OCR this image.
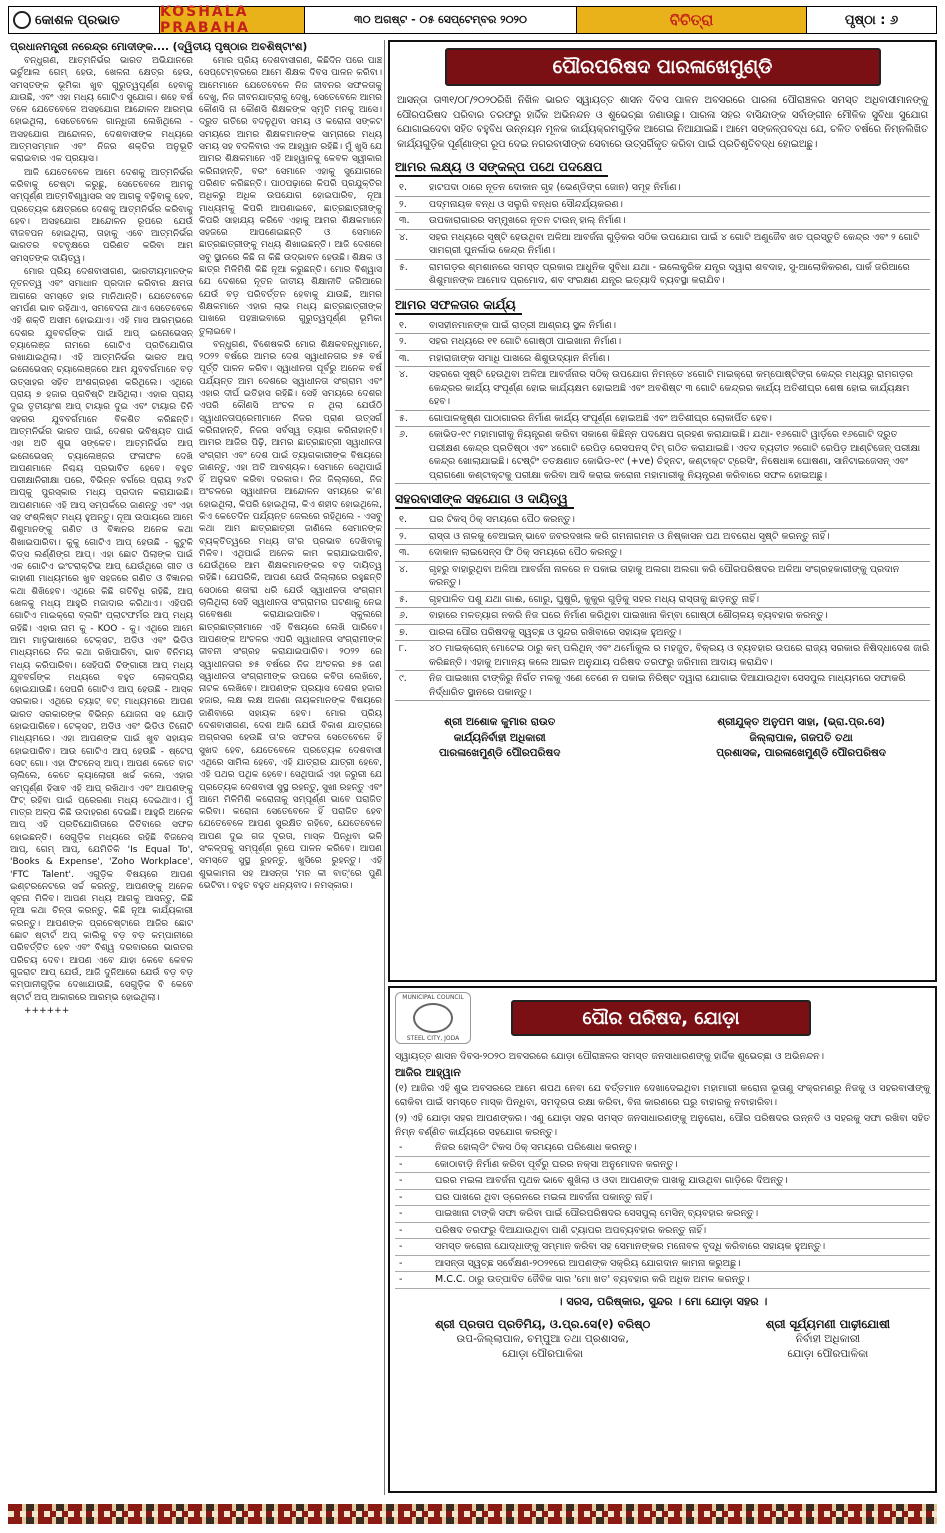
କୋଶଳ ପ୍ରଭାତ	KOSHALA PRABAHA
୩୦ ଅଗଷ୍ଟ - ୦୫ ସେପ୍ଟେମ୍ବର ୨୦୨୦	ବିଚିତ୍ରା	ପୃଷ୍ଠା : ୬
ପ୍ରଧାନମନ୍ତ୍ରୀ ନରେନ୍ଦ୍ର ମୋଦୀଙ୍କ.... (ଦ୍ୱିତୀୟ ପୃଷ୍ଠାର ଅବଶିଷ୍ଟାଂଶ)

ବନ୍ଧୁଗଣ, ଆତ୍ମନିର୍ଭର ଭାରତ ଅଭିଯାନରେ ଭର୍ଚୁଆଲ ଗେମ୍ ହେଉ, ଖେଳନା କ୍ଷେତ୍ର ହେଉ, ସମସ୍ତଙ୍କ ଭୂମିକା ଖୁବ ଗୁରୁତ୍ୱପୂର୍ଣ୍ଣ ହେବାକୁ ଯାଉଛି, ଏବଂ ଏହା ମଧ୍ୟ ଗୋଟିଏ ସୁଯୋଗ। ଶହେ ବର୍ଷ ତଳେ ଯେତେବେଳେ ଅସହଯୋଗ ଆନ୍ଦୋଳନ ଆରମ୍ଭ ହୋଇଥିଲା, ସେତେବେଳେ ଗାନ୍ଧିଜୀ ଲେଖିଥିଲେ - ଅସହଯୋଗ ଆନ୍ଦୋଳନ, ଦେଶବାସୀଙ୍କ ମଧ୍ୟରେ ଆତ୍ମସମ୍ମାନ ଏବଂ ନିଜର ଶକ୍ତିର ଅନୁଭୂତି କରାଇବାର ଏକ ପ୍ରୟାସ।

ଆଜି ଯେତେବେଳେ ଆମେ ଦେଶକୁ ଆତ୍ମନିର୍ଭର କରିବାକୁ ଚେଷ୍ଟା କରୁଛୁ, ସେତେବେଳେ ଆମକୁ ସମ୍ପୂର୍ଣ୍ଣ ଆତ୍ମବିଶ୍ୱାସର ସହ ଆଗକୁ ବଢ଼ିବାକୁ ହେବ, ପ୍ରତ୍ୟେକ କ୍ଷେତ୍ରରେ ଦେଶକୁ ଆତ୍ମନିର୍ଭର କରିବାକୁ ହେବ। ଅସହଯୋଗ ଆନ୍ଦୋଳନ ରୂପରେ ଯେଉଁ ବୀଜବପନ ହୋଇଥିଲା, ତାହାକୁ ଏବେ ଆତ୍ମନିର୍ଭର ଭାରତର ବଟବୃକ୍ଷରେ ପରିଣତ କରିବା ଆମ ସମସ୍ତଙ୍କ ଦାୟିତ୍ୱ।

ମୋର ପ୍ରିୟ ଦେଶବାସୀଗଣ, ଭାରତୀୟମାନଙ୍କ ନୂତନତ୍ୱ ଏବଂ ସମାଧାନ ପ୍ରଦାନ କରିବାର କ୍ଷମତା ଆଗରେ ସମସ୍ତେ ହାର ମାନିଥାନ୍ତି। ଯେତେବେଳେ ସମର୍ପଣ ଭାବ ରହିଥାଏ, ସମବେଦନା ଥାଏ ସେତେବେଳେ ଏହି ଶକ୍ତି ଅସୀମ ହୋଇଯାଏ। ଏହି ମାସ ଆରମ୍ଭରେ ଦେଶର ଯୁବବର୍ଗଙ୍କ ପାଇଁ ଆପ୍ ଇନୋଭେସନ୍ ଚ୍ୟାଲେଞ୍ଜ ନାମରେ ଗୋଟିଏ ପ୍ରତିଯୋଗିତା ରଖାଯାଇଥିଲା। ଏହି ଆତ୍ମନିର୍ଭର ଭାରତ ଆପ୍ ଇନୋଭେସନ୍ ଚ୍ୟାଲେଞ୍ଜରେ ଆମ ଯୁବବର୍ଗମାନେ ବଡ଼ ଉତ୍ସାହର ସହିତ ଅଂଶଗ୍ରହଣ କରିଥିଲେ। ଏଥିରେ ପ୍ରାୟ ୭ ହଜାର ପ୍ରବିଷ୍ଟି ଆସିଥିଲା। ଏହାର ପ୍ରାୟ ଦୁଇ ତୃତୀୟାଂଶ ଆପ୍ ଟାୟାର ଦୁଇ ଏବଂ ଟାୟାର ତିନି ସହରର ଯୁବବର୍ଗମାନେ ବିକଶିତ କରିଛନ୍ତି। ଆତ୍ମନିର୍ଭର ଭାରତ ପାଇଁ, ଦେଶର ଭବିଷ୍ୟତ ପାଇଁ ଏହା ଅତି ଶୁଭ ସଙ୍କେତ। ଆତ୍ମନିର୍ଭର ଆପ୍ ଇନୋଭେସନ୍ ଚ୍ୟାଲେଞ୍ଜର ଫଳାଫଳ ଦେଖି ଆପଣମାନେ ନିଶ୍ଚୟ ପ୍ରଭାବିତ ହେବେ। ବହୁତ ପରୀକ୍ଷାନିରୀକ୍ଷା ପରେ, ବିଭିନ୍ନ ବର୍ଗରେ ପ୍ରାୟ ୨୪ଟି ଆପ୍‌କୁ ପୁରସ୍କାର ମଧ୍ୟ ପ୍ରଦାନ କରାଯାଇଛି। ଆପଣମାନେ ଏହି ଆପ୍ ସମ୍ପର୍କରେ ଜାଣନ୍ତୁ ଏବଂ ଏହା ସହ ସଂଶ୍ଳିଷ୍ଟ ମଧ୍ୟ ହୁଅନ୍ତୁ। ନୂଆ ଉପାୟରେ ଆମେ ଶିଶୁମାନଙ୍କୁ ଗଣିତ ଓ ବିଜ୍ଞାନର ଅନେକ କଥା ଶିଖାଇପାରିବା। କୁକୁ ଗୋଟିଏ ଆପ୍ ହେଉଛି - କୁଟୁକି କିଡ୍ସ ଲର୍ଣ୍ଣିଙ୍ଗ ଆପ୍। ଏହା ଛୋଟ ପିଲାଙ୍କ ପାଇଁ ଏକ ଗୋଟିଏ ଇଂଟରାକ୍ଟିଭ ଆପ୍ ଯେଉଁଥିରେ ଗୀତ ଓ କାହାଣୀ ମାଧ୍ୟମରେ ଖୁବ ସହଜରେ ଗଣିତ ଓ ବିଜ୍ଞାନର କଥା ଶିଖିହେବ। ଏଥିରେ କିଛି ଗତିବିଧି ରହିଛି, ଆପ୍ ଖେଳକୁ ମଧ୍ୟ ଆହୁରି ମଜାଦାର କରିଥାଏ। ଏହିପରି ଗୋଟିଏ ମାଇକ୍ରୋ ବ୍ଲଗିଂ ପ୍ଲାଟଫର୍ମର ଆପ୍ ମଧ୍ୟ ରହିଛି। ଏହାର ନାମ କୁ - KOO - କୁ। ଏଥିରେ ଆମେ ଆମ ମାତୃଭାଷାରେ ଟେକ୍ସଟ, ଅଡିଓ ଏବଂ ଭିଡିଓ ମାଧ୍ୟମରେ ନିଜ କଥା ରଖିପାରିବା, ଭାବ ବିନିମୟ ମଧ୍ୟ କରିପାରିବା। ସେହିପରି ଚିଙ୍ଗାରୀ ଆପ୍ ମଧ୍ୟ ଯୁବବର୍ଗଙ୍କ ମଧ୍ୟରେ ବହୁତ ଲୋକପ୍ରିୟ ହୋଇଯାଉଛି। ସେପରି ଗୋଟିଏ ଆପ୍ ହେଉଛି - ଆସ୍କ ସରକାର। ଏଥିରେ ଚ୍ୟାଟ୍ ବଟ୍ ମାଧ୍ୟମରେ ଆପଣ ଭାରତ ସରକାରଙ୍କ ବିଭିନ୍ନ ଯୋଜନା ସହ ଯୋଡ଼ି ହୋଇପାରିବେ। ଟେକ୍ସଟ, ଅଡିଓ ଏବଂ ଭିଡିଓ ତିନୋଟି ମାଧ୍ୟମରେ। ଏହା ଆପଣଙ୍କ ପାଇଁ ଖୁବ ସହାୟକ ହୋଇପାରିବ। ଆଉ ଗୋଟିଏ ଆପ୍ ହେଉଛି - ଷ୍ଟେପ୍ ସେଟ୍ ଗୋ। ଏହା ଫିଟନେସ୍ ଆପ୍। ଆପଣ କେତେ ବାଟ ଚାଲିଲେ, କେତେ କ୍ୟାଲୋରୀ ଖର୍ଚ୍ଚ କଲେ, ଏହାର ସମ୍ପୂର୍ଣ୍ଣ ହିସାବ ଏହି ଆପ୍ ରଖିଥାଏ ଏବଂ ଆପଣଙ୍କୁ ଫିଟ୍ ରହିବା ପାଇଁ ପ୍ରେରଣା ମଧ୍ୟ ଦେଇଥାଏ। ମୁଁ ମାତ୍ର ଅଳ୍ପ କିଛି ଉଦାହରଣ ଦେଇଛି। ଆହୁରି ଅନେକ ଆପ୍ ଏହି ପ୍ରତିଯୋଗିତାରେ ଜିତିବାରେ ସଫଳ ହୋଇଛନ୍ତି। ସେଗୁଡ଼ିକ ମଧ୍ୟରେ ରହିଛି ବିଜନେସ୍ ଆପ୍, ଗେମ୍ ଆପ୍, ଯେମିତିକି 'Is Equal To', 'Books & Expense', 'Zoho Workplace', 'FTC Talent'. ଏଗୁଡ଼ିକ ବିଷୟରେ ଆପଣ ଇଣ୍ଟରନେଟରେ ସର୍ଚ୍ଚ କରନ୍ତୁ, ଆପଣଙ୍କୁ ଅନେକ ସୂଚନା ମିଳିବ। ଆପଣ ମଧ୍ୟ ଆଗକୁ ଆସନ୍ତୁ, କିଛି ନୂଆ କଥା ଚିନ୍ତା କରନ୍ତୁ, କିଛି ନୂଆ କାର୍ଯ୍ୟକାରୀ କରନ୍ତୁ। ଆପଣଙ୍କ ପ୍ରଚେଷ୍ଟାରେ ଆଜିର ଛୋଟ ଛୋଟ ଷ୍ଟାର୍ଟ ଅପ୍ କାଲିକୁ ବଡ଼ ବଡ଼ କମ୍ପାନୀରେ ପରିବର୍ତ୍ତିତ ହେବ ଏବଂ ବିଶ୍ୱ ଦରବାରରେ ଭାରତର ପରିଚୟ ଦେବ। ଆପଣ ଏବେ ଯାହା କେବେ କେବଳ ଗୁଜରାଟ ଆପ୍ ଯେଉଁ, ଆଜି ଦୁନିଆରେ ଯେଉଁ ବଡ଼ ବଡ଼ କମ୍ପାନୀଗୁଡ଼ିକ ଦେଖାଯାଉଛି, ସେଗୁଡ଼ିକ ବି କେବେ ଷ୍ଟାର୍ଟ ଅପ୍ ଆକାରରେ ଆରମ୍ଭ ହୋଇଥିଲା।

++++++

ମୋର ପ୍ରିୟ ଦେଶବାସୀଗଣ, କିଛିଦିନ ପରେ ପାଞ୍ଚ ସେପ୍ଟେମ୍ବରରେ ଆମେ ଶିକ୍ଷକ ଦିବସ ପାଳନ କରିବା। ଆମେମାନେ ଯେତେବେଳେ ନିଜ ଜୀବନର ସଫଳତାକୁ ଦେଖୁ, ନିଜ ଜୀବନଯାତ୍ରାକୁ ଦେଖୁ, ସେତେବେଳେ ଆମର କୌଣସି ନା କୌଣସି ଶିକ୍ଷକଙ୍କ ସ୍ମୃତି ମନକୁ ଆସେ। ଦ୍ରୁତ ଗତିରେ ବଦଳୁଥିବା ସମୟ ଓ କରୋନା ସଙ୍କଟ ସମୟରେ ଆମର ଶିକ୍ଷକମାନଙ୍କ ସାମ୍ନାରେ ମଧ୍ୟ ସମୟ ସହ ବଦଳିବାର ଏକ ଆହ୍ୱାନ ରହିଛି। ମୁଁ ଖୁସି ଯେ ଆମର ଶିକ୍ଷକମାନେ ଏହି ଆହ୍ୱାନକୁ କେବଳ ସ୍ୱୀକାର କରିନାହାନ୍ତି, ବରଂ ସେମାନେ ଏହାକୁ ସୁଯୋଗରେ ପରିଣତ କରିଛନ୍ତି। ପାଠପଢ଼ାରେ କିପରି ପ୍ରଯୁକ୍ତିର ଅଧିକରୁ ଅଧିକ ଉପଯୋଗ ହୋଇପାରିବ, ନୂଆ ମାଧ୍ୟମକୁ କିପରି ଆପଣାଇବେ, ଛାତ୍ରଛାତ୍ରୀଙ୍କୁ କିପରି ସାହାଯ୍ୟ କରିବେ ଏହାକୁ ଆମର ଶିକ୍ଷକମାନେ ସହଜରେ ଆପଣେଇଛନ୍ତି ଓ ସେମାନେ ଛାତ୍ରଛାତ୍ରୀଙ୍କୁ ମଧ୍ୟ ଶିଖାଇଛନ୍ତି। ଆଜି ଦେଶରେ ସବୁ ସ୍ଥାନରେ କିଛି ନା କିଛି ଉଦ୍ଭାବନ ହେଉଛି। ଶିକ୍ଷକ ଓ ଛାତ୍ର ମିଳିମିଶି କିଛି ନୂଆ କରୁଛନ୍ତି। ମୋର ବିଶ୍ୱାସ ଯେ ଦେଶରେ ନୂତନ ଜାତୀୟ ଶିକ୍ଷାନୀତି ଜରିଆରେ ଯେଉଁ ବଡ଼ ପରିବର୍ତ୍ତନ ହେବାକୁ ଯାଉଛି, ଆମର ଶିକ୍ଷକମାନେ ଏହାର ଲାଭ ମଧ୍ୟ ଛାତ୍ରଛାତ୍ରୀଙ୍କ ପାଖରେ ପହଞ୍ଚାଇବାରେ ଗୁରୁତ୍ୱପୂର୍ଣ୍ଣ ଭୂମିକା ତୁଲାଇବେ।

ବନ୍ଧୁଗଣ, ବିଶେଷକରି ମୋର ଶିକ୍ଷକବନ୍ଧୁମାନେ, ୨୦୨୨ ବର୍ଷରେ ଆମର ଦେଶ ସ୍ୱାଧୀନତାର ୭୫ ବର୍ଷ ପୂର୍ତ୍ତି ପାଳନ କରିବ। ସ୍ୱାଧୀନତା ପୂର୍ବରୁ ଅନେକ ବର୍ଷ ପର୍ଯ୍ୟନ୍ତ ଆମ ଦେଶରେ ସ୍ୱାଧୀନତା ସଂଗ୍ରାମ ଏବଂ ଏହାର ଦୀର୍ଘ ଇତିହାସ ରହିଛି। ସେହି ସମୟରେ ଦେଶର ଏପରି କୌଣସି ଅଂଚଳ ନ ଥିଲା ଯେଉଁଠି ସ୍ୱାଧୀନତାପ୍ରେମୀମାନେ ନିଜର ପ୍ରାଣ ଉତ୍ସର୍ଗ କରିନାହାନ୍ତି, ନିଜର ସର୍ବସ୍ୱ ତ୍ୟାଗ କରିନାହାନ୍ତି। ଆମର ଆଜିର ପିଢ଼ି, ଆମର ଛାତ୍ରଛାତ୍ରୀ ସ୍ୱାଧୀନତା ସଂଗ୍ରାମ ଏବଂ ଦେଶ ପାଇଁ ତ୍ୟାଗକାରୀଙ୍କ ବିଷୟରେ ଜାଣନ୍ତୁ, ଏହା ଅତି ଆବଶ୍ୟକ। ସେମାନେ ସେଥିପାଇଁ ହିଁ ଅନୁଭବ କରିବା ଦରକାର। ନିଜ ଜିଲ୍ଲାରେ, ନିଜ ଅଂଚଳରେ ସ୍ୱାଧୀନତା ଆନ୍ଦୋଳନ ସମୟରେ କ'ଣ ହୋଇଥିଲା, କିପରି ହୋଇଥିଲା, କିଏ ଶହୀଦ ହୋଇଥିଲେ, କିଏ କେତେଦିନ ପର୍ଯ୍ୟନ୍ତ ଜେଲରେ ରହିଥିଲେ - ଏସବୁ କଥା ଆମ ଛାତ୍ରଛାତ୍ରୀ ଜାଣିଲେ ସେମାନଙ୍କ ବ୍ୟକ୍ତିତ୍ୱରେ ମଧ୍ୟ ତା'ର ପ୍ରଭାବ ଦେଖିବାକୁ ମିଳିବ। ଏଥିପାଇଁ ଅନେକ କାମ କରାଯାଇପାରିବ, ଯେଉଁଥିରେ ଆମ ଶିକ୍ଷକମାନଙ୍କର ବଡ଼ ଦାୟିତ୍ୱ ରହିଛି। ଯେପରିକି, ଆପଣ ଯେଉଁ ଜିଲ୍ଲାରେ ରହୁଛନ୍ତି ସେଠାରେ ଶତାବ୍ଦୀ ଧରି ଯେଉଁ ସ୍ୱାଧୀନତା ସଂଗ୍ରାମ ଚାଲିଥିଲା ସେହି ସ୍ୱାଧୀନତା ସଂଗ୍ରାମର ଘଟଣାକୁ ନେଇ ଗବେଷଣା କରାଯାଇପାରିବ। ସ୍କୁଲରେ ଛାତ୍ରଛାତ୍ରୀମାନେ ଏହି ବିଷୟରେ ଲେଖି ପାରିବେ। ଆପଣଙ୍କ ଅଂଚଳର ଏପରି ସ୍ୱାଧୀନତା ସଂଗ୍ରାମୀଙ୍କ ଜୀବନୀ ସଂଗ୍ରହ କରାଯାଇପାରିବ। ୨୦୨୨ ରେ ସ୍ୱାଧୀନତାର ୭୫ ବର୍ଷରେ ନିଜ ଅଂଚଳର ୭୫ ଜଣ ସ୍ୱାଧୀନତା ସଂଗ୍ରାମୀଙ୍କ ଉପରେ କବିତା ଲେଖିବେ, ନାଟକ ଲେଖିବେ। ଆପଣଙ୍କ ପ୍ରୟାସ ଦେଶର ହଜାର ହଜାର, ଲକ୍ଷ ଲକ୍ଷ ଅଜଣା ନାୟକମାନଙ୍କ ବିଷୟରେ ଜାଣିବାରେ ସହାୟକ ହେବ। ମୋର ପ୍ରିୟ ଦେଶବାସୀଗଣ, ଦେଶ ଆଜି ଯେଉଁ ବିକାଶ ଯାତ୍ରାରେ ଅଗ୍ରସର ହେଉଛି ତା'ର ସଫଳତା ସେତେବେଳେ ହିଁ ସୁଖଦ ହେବ, ଯେତେବେଳେ ପ୍ରତ୍ୟେକ ଦେଶବାସୀ ଏଥିରେ ସାମିଲ ହେବେ, ଏହି ଯାତ୍ରାର ଯାତ୍ରୀ ହେବେ, ଏହି ପଥର ପଥିକ ହେବେ। ସେଥିପାଇଁ ଏହା ଜରୁରୀ ଯେ ପ୍ରତ୍ୟେକ ଦେଶବାସୀ ସୁସ୍ଥ ରହନ୍ତୁ, ସୁଖୀ ରହନ୍ତୁ ଏବଂ ଆମେ ମିଳିମିଶି କରୋନାକୁ ସମ୍ପୂର୍ଣ୍ଣ ଭାବେ ପରାଜିତ କରିବା। କରୋନା ସେତେବେଳେ ହିଁ ପରାଜିତ ହେବ ଯେତେବେଳେ ଆପଣ ସୁରକ୍ଷିତ ରହିବେ, ଯେତେବେଳେ ଆପଣ ଦୁଇ ଗଜ ଦୂରତା, ମାସ୍କ ପିନ୍ଧିବା ଭଳି ସଂକଳ୍ପକୁ ସମ୍ପୂର୍ଣ୍ଣ ରୂପେ ପାଳନ କରିବେ। ଆପଣ ସମସ୍ତେ ସୁସ୍ଥ ରୁହନ୍ତୁ, ଖୁସିରେ ରୁହନ୍ତୁ। ଏହି ଶୁଭକାମନା ସହ ଆସନ୍ତା 'ମନ କୀ ବାତ୍'ରେ ପୁଣି ଭେଟିବା। ବହୁତ ବହୁତ ଧନ୍ୟବାଦ। ନମସ୍କାର।

ପୌରପରିଷଦ ପାରଳାଖେମୁଣ୍ଡି
ଆସନ୍ତା ତା୩୧/୦୮/୨୦୨୦ରିଖି ନିଖିଳ ଭାରତ ସ୍ୱାୟତ୍ତ ଶାସନ ଦିବସ ପାଳନ ଅବସରରେ ପାରଳା ପୌରାଞ୍ଚଳର ସମସ୍ତ ଅଧିବାସୀମାନଙ୍କୁ ପୌରପରିଷଦ ପରିବାର ତରଫରୁ ହାର୍ଦ୍ଦିକ ଅଭିନନ୍ଦନ ଓ ଶୁଭେଚ୍ଛା ଜଣାଉଛୁ। ପାରଳା ସହର ବାସିନ୍ଦାଙ୍କ ସର୍ବାଙ୍ଗୀନ ମୌଳିକ ସୁବିଧା ସୁଯୋଗ ଯୋଗାଇଦେବା ସହିତ ବହୁବିଧ ଉନ୍ନୟନ ମୂଳକ କାର୍ଯ୍ୟକ୍ରମଗୁଡ଼ିକ ଆଗେଇ ନିଆଯାଇଛି। ଆମେ ସଙ୍କଳ୍ପବଦ୍ଧ ଯେ, ଚଳିତ ବର୍ଷରେ ନିମ୍ନଲିଖିତ କାର୍ଯ୍ୟଗୁଡ଼ିକ ପୂର୍ଣ୍ଣାଙ୍ଗ ରୂପ ଦେଇ ନଗରବାସୀଙ୍କ ସେବାରେ ଉତ୍ସର୍ଗିକୃତ କରିବା ପାଇଁ ପ୍ରତିଶୃତିବଦ୍ଧ ହୋଇଅଛୁ।
ଆମର ଲକ୍ଷ୍ୟ ଓ ସଙ୍କଳ୍ପ ପଥେ ପଦକ୍ଷେପ
୧.	ହାଟପଦା ଠାରେ ନୂତନ ଦୋକାନ ଗୃହ (ଭେଣ୍ଡିଙ୍ଗ ଜୋନ) ସମୂହ ନିର୍ମାଣ।
୨.	ପଦ୍ମନାୟକ ବନ୍ଧ ଓ ସଲୁରି ବନ୍ଧର ସୌନ୍ଦର୍ଯ୍ୟକରଣ।
୩.	ଉପକାରାଗାରର ସମ୍ମୁଖରେ ନୂତନ ଟାଉନ୍ ହାଲ୍ ନିର୍ମାଣ।
୪.	ସହର ମଧ୍ୟରେ ସୃଷ୍ଟି ହେଉଥିବା ଅଳିଆ ଆବର୍ଜନା ଗୁଡ଼ିକର ସଠିକ ଉପଯୋଗ ପାଇଁ ୪ ଗୋଟି ଅଣୁଜୈବ ଖତ ପ୍ରସ୍ତୁତି କେନ୍ଦ୍ର ଏବଂ ୨ ଗୋଟି ସାମଗ୍ରୀ ପୁନର୍ଲାଭ କେନ୍ଦ୍ର ନିର୍ମାଣ।
୫.	ରାମଗଡ଼ର ଶ୍ମଶାନରେ ସମସ୍ତ ପ୍ରକାର ଆଧୁନିକ ସୁବିଧା ଯଥା - ଇଲେକ୍ଟ୍ରିକ ଯନ୍ତ୍ର ଦ୍ୱାରା ଶବଦାହ, ସୁ-ଆଲୋକିକରଣ, ପାର୍କ ଜରିଆରେ ଶିଶୁମାନଙ୍କ ଆମୋଦ ପ୍ରମୋଦ, ଶବ ସଂରକ୍ଷଣ ଯନ୍ତ୍ର ଇତ୍ୟାଦି ବ୍ୟବସ୍ଥା କରାଯିବ।
ଆମର ସଫଳତାର କାର୍ଯ୍ୟ
୧.	ବାସହୀନମାନଙ୍କ ପାଇଁ ରାତ୍ରୀ ଆଶ୍ରୟ ସ୍ଥଳ ନିର୍ମାଣ।
୨.	ସହର ମଧ୍ୟରେ ୧୧ ଗୋଟି ଗୋଷ୍ଠୀ ପାଇଖାନା ନିର୍ମାଣ।
୩.	ମହାରାଜାଙ୍କ ସମାଧି ପାଖରେ ଶିଶୁଉଦ୍ୟାନ ନିର୍ମାଣ।
୪.	ସହରରେ ସୃଷ୍ଟି ହେଉଥିବା ଅଳିଆ ଆବର୍ଜନାର ସଠିକ୍ ଉପଯୋଗ ନିମନ୍ତେ ୪ଗୋଟି ମାଇକ୍ରୋ କମ୍ପୋଷ୍ଟିଙ୍ଗ କେନ୍ଦ୍ର ମଧ୍ୟରୁ ରାମଗଡ଼ର କେନ୍ଦ୍ରର କାର୍ଯ୍ୟ ସଂପୂର୍ଣ୍ଣ ହୋଇ କାର୍ଯ୍ୟକ୍ଷମ ହୋଇଅଛି ଏବଂ ଅବଶିଷ୍ଟ ୩ ଗୋଟି କେନ୍ଦ୍ରର କାର୍ଯ୍ୟ ଅତିଶୀଘ୍ର ଶେଷ ହୋଇ କାର୍ଯ୍ୟକ୍ଷମ ହେବ।
୫.	ଗୋପାଳକୃଷ୍ଣ ପାଠାଗାରର ନିର୍ମାଣ କାର୍ଯ୍ୟ ସଂପୂର୍ଣ୍ଣ ହୋଇଅଛି ଏବଂ ଅତିଶୀଘ୍ର ଲୋକାର୍ପିତ ହେବ।
୬.	କୋଭିଡ-୧୯ ମହାମାରୀକୁ ନିୟନ୍ତ୍ରଣ କରିବା ସକାଶେ କିଛିନ୍ନ ପଦକ୍ଷେପ ଗ୍ରହଣ କରାଯାଇଛି। ଯଥା- ୧୬ଗୋଟି ୱାର୍ଡ଼ରେ ୧୬ଗୋଟି ଦ୍ରୁତ ପରୀକ୍ଷଣ କେନ୍ଦ୍ର ପ୍ରତିଷ୍ଠା ଏବଂ ୪ଗୋଟି ରେପିଡ଼ ରେସପନସ୍ ଟିମ୍ ଗଠିତ କରାଯାଇଛି। ଏତଦ ବ୍ୟତୀତ ୨ଗୋଟି ରେପିଡ଼ ଆଣ୍ଟିଜେନ୍ ପରୀକ୍ଷା କେନ୍ଦ୍ର ଖୋଲାଯାଇଛି। ଟେଷ୍ଟିଂ ତତକ୍ଷଣାତ କୋଭିଡ-୧୯ (+ve) ଚିହ୍ନଟ, କଣ୍ଟାକ୍ଟ ଟ୍ରେସିଂ, ନିଷେଧାଜ୍ଞ ଘୋଷଣା, ସାନିଟାଇଜେସନ୍ ଏବଂ ପ୍ରାଗଣୋ କଣ୍ଟାକ୍ଟକୁ ପରୀକ୍ଷା କରିବା ଆଦି କରାଇ କରୋନା ମହାମାରୀକୁ ନିୟନ୍ତ୍ରଣ କରିବାରେ ସଫଳ ହୋଇଅଛୁ।
ସହରବାସୀଙ୍କ ସହଯୋଗ ଓ ଦାୟିତ୍ୱ
୧.	ଘର ଟିକସ୍ ଠିକ୍ ସମୟରେ ପୈଠ କରନ୍ତୁ।
୨.	ରାସ୍ତା ଓ ନାଳକୁ ବେଆଇନ୍ ଭାବେ ଜବରଦଖଲ କରି ଗମନାଗମନ ଓ ନିଷ୍କାସନ ପଥ ଅବରୋଧ ସୃଷ୍ଟି କରନ୍ତୁ ନାହିଁ।
୩.	ଦୋକାନ ଲାଇସେନ୍ସ ଫି ଠିକ୍ ସମୟରେ ପୈଠ କରନ୍ତୁ।
୪.	ଗୃହରୁ ବାହାରୁଥିବା ଅଳିଆ ଆବର୍ଜନା ନାଳରେ ନ ପକାଇ ତାହାକୁ ଅଲଗା ଅଲଗା କରି ପୌରପରିଷଦର ଅଳିଆ ସଂଗ୍ରହକାରୀଙ୍କୁ ପ୍ରଦାନ କରନ୍ତୁ।
୫.	ଗୃହପାଳିତ ପଶୁ ଯଥା ଗାଈ, ଗୋରୁ, ଘୁଷୁରି, କୁକୁର ଗୁଡ଼ିକୁ ସହର ମଧ୍ୟ ରାସ୍ତାକୁ ଛାଡ଼ନ୍ତୁ ନାହିଁ।
୬.	ବାହାରେ ମଳତ୍ୟାଗ ନକରି ନିଜ ଘରେ ନିର୍ମାଣ କରିଥିବା ପାଇଖାନା କିମ୍ବା ଗୋଷ୍ଠୀ ଶୌଚାଳୟ ବ୍ୟବହାର କରନ୍ତୁ।
୭.	ପାରଳା ପୌର ପରିଷଦକୁ ସ୍ୱଚ୍ଛ ଓ ସୁନ୍ଦର ରଖିବାରେ ସହାୟକ ହୁଅନ୍ତୁ।
୮.	୪୦ ମାଇକ୍ରୋନ୍ ମୋଟେଇ ଠାରୁ କମ୍ ପଲିଥିନ୍ ଏବଂ ଥର୍ମୋକୁଲ ର ମହଜୁତ, ବିକ୍ରୟ ଓ ବ୍ୟବହାର ଉପରେ ରାଜ୍ୟ ସରକାର ନିଷିଦ୍ଧାଦେଶ ଜାରି କରିଛନ୍ତି। ଏହାକୁ ଅମାନ୍ୟ କଲେ ଆଇନ ଅନୁଯାୟ ପରିଷଦ ତରଫରୁ ଜରିମାନା ଆଦାୟ କରାଯିବ।
୯.	ନିଜ ପାଇଖାନା ଟାଙ୍କିରୁ ନିର୍ଗତ ମଳକୁ ଏଣେ ତେଣେ ନ ପକାଇ ନିରିଷ୍ଟ ଦ୍ୱାରା ଯୋଗାଇ ଦିଆଯାଉଥିବା ସେସପୁଲ ମାଧ୍ୟମରେ ସଫାକରି ନିର୍ଦ୍ଧାରିତ ସ୍ଥାନରେ ପକାନ୍ତୁ।
ଶ୍ରୀ ଅଶୋକ କୁମାର ରାଉତ
କାର୍ଯ୍ୟନିର୍ବାହୀ ଅଧିକାରୀ
ପାରଳାଖେମୁଣ୍ଡି ପୌରପରିଷଦ
ଶ୍ରୀଯୁକ୍ତ ଅନୁପମ ସାହା, (ଭ୍ରା.ପ୍ର.ସେ)
ଜିଲ୍ଲାପାଳ, ଗଜପତି ତଥା
ପ୍ରଶାସକ, ପାରଳାଖେମୁଣ୍ଡି ପୌରପରିଷଦ
MUNICIPAL COUNCIL
STEEL CITY, JODA
ପୌର ପରିଷଦ, ଯୋଡ଼ା
ସ୍ୱାୟତ୍ତ ଶାସନ ଦିବସ-୨୦୨୦ ଅବସରରେ ଯୋଡ଼ା ପୌରାଞ୍ଚଳର ସମସ୍ତ ଜନସାଧାରଣଙ୍କୁ ହାର୍ଦ୍ଦିକ ଶୁଭେଚ୍ଛା ଓ ଅଭିନନ୍ଦନ।
ଆଜିର ଆହ୍ୱାନ
(୧) ଆଜିର ଏହି ଶୁଭ ଅବସରରେ ଆମେ ଶପଥ ନେବା ଯେ ବର୍ତ୍ତମାନ ଦେଖାଦେଇଥିବା ମହାମାରୀ କରୋନା ଭୂତାଣୁ ସଂକ୍ରମଣରୁ ନିଜକୁ ଓ ସହରବାସୀଙ୍କୁ ରୋକିବା ପାଇଁ ସମସ୍ତେ ମାସ୍କ ପିନ୍ଧିବା, ସମଦୂରତା ରକ୍ଷା କରିବା, ବିନା କାରଣରେ ଘରୁ ବାହାରକୁ ନବାହାରିବା।
(୨) ଏହି ଯୋଡ଼ା ସହର ଆପଣଙ୍କର। ଏଣୁ ଯୋଡ଼ା ସହର ସମସ୍ତ ଜନସାଧାରଣଙ୍କୁ ଅନୁରୋଧ, ପୌର ପରିଷଦର ଉନ୍ନତି ଓ ସହରକୁ ସଫା ରଖିବା ସହିତ ନିମ୍ନ ବର୍ଣ୍ଣିତ କାର୍ଯ୍ୟରେ ସହଯୋଗ କରନ୍ତୁ।
-	ନିଜର ହୋଲ୍ଡିଂ ଟିକସ ଠିକ୍ ସମୟରେ ପରିଶୋଧ କରନ୍ତୁ।
-	କୋଠାବାଡ଼ି ନିର୍ମାଣ କରିବା ପୂର୍ବରୁ ଘରର ନକ୍ସା ଅନୁମୋଦନ କରନ୍ତୁ।
-	ଘରର ମଇଳା ଆବର୍ଜନା ପୃଥକ ଭାବେ ଶୁଖିଲା ଓ ଓଦା ଆପଣଙ୍କ ପାଖକୁ ଯାଉଥିବା ଗାଡ଼ିରେ ଦିଅନ୍ତୁ।
-	ଘର ପାଖରେ ଥିବା ଡ୍ରେନରେ ମଇଳା ଆବର୍ଜନା ପକାନ୍ତୁ ନାହିଁ।
-	ପାଇଖାନା ଟାଙ୍କି ସଫା କରିବା ପାଇଁ ପୌରପରିଷଦର ସେସପୁଲ୍ ମେସିନ୍ ବ୍ୟବହାର କରନ୍ତୁ।
-	ପରିଷଦ ତରଫରୁ ଦିଆଯାଉଥିବା ପାଣି ଟ୍ୟାପର ଅପବ୍ୟବହାର କରନ୍ତୁ ନାହିଁ।
-	ସମସ୍ତ କରୋନା ଯୋଦ୍ଧାଙ୍କୁ ସମ୍ମାନ କରିବା ସହ ସେମାନଙ୍କର ମନୋବଳ ବୃଦ୍ଧି କରିବାରେ ସହାୟକ ହୁଅନ୍ତୁ।
-	ଆସନ୍ତା ସ୍ୱଚ୍ଛ ସର୍ବେକ୍ଷଣ-୨୦୨୧ରେ ଆପଣଙ୍କ ସକ୍ରିୟ ଯୋଗଦାନ କାମନା କରୁଅଛୁ।
-	M.C.C. ଠାରୁ ଉତ୍ପାଦିତ ଜୈବିକ ସାର 'ମୋ ଖତ' ବ୍ୟବହାର କରି ଅଧିକ ଅମଳ କରନ୍ତୁ।
। ସରସ, ପରିଷ୍କାର, ସୁନ୍ଦର । ମୋ ଯୋଡ଼ା ସହର ।
ଶ୍ରୀ ପ୍ରତାପ ପ୍ରତିମିୟ, ଓ.ପ୍ର.ସେ(୧) ବରିଷ୍ଠ
ଉପ-ଜିଲ୍ଲାପାଳ, ଚମ୍ପୁଆ ତଥା ପ୍ରଶାସକ,
ଯୋଡ଼ା ପୌରପାଳିକା
ଶ୍ରୀ ସୂର୍ଯ୍ୟମଣୀ ପାଢ଼ୀଯୋଷୀ
ନିର୍ବାହୀ ଅଧିକାରୀ
ଯୋଡ଼ା ପୌରପାଳିକା
